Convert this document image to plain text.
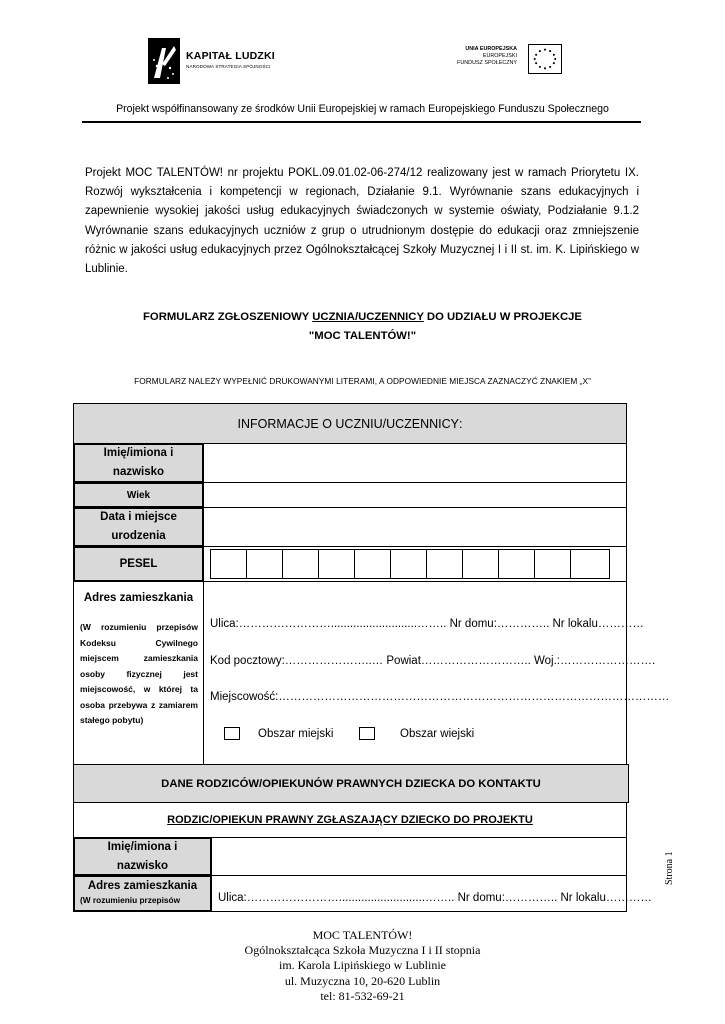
KAPITAŁ LUDZKI
NARODOWA STRATEGIA SPÓJNOŚCI
UNIA EUROPEJSKA
EUROPEJSKI
FUNDUSZ SPOŁECZNY
Projekt współfinansowany ze środków Unii Europejskiej w ramach Europejskiego Funduszu Społecznego

Projekt MOC TALENTÓW! nr projektu POKL.09.01.02-06-274/12 realizowany jest w ramach Priorytetu IX. Rozwój wykształcenia i kompetencji w regionach, Działanie 9.1. Wyrównanie szans edukacyjnych i zapewnienie wysokiej jakości usług edukacyjnych świadczonych w systemie oświaty, Podziałanie 9.1.2 Wyrównanie szans edukacyjnych uczniów z grup o utrudnionym dostępie do edukacji oraz zmniejszenie różnic w jakości usług edukacyjnych przez Ogólnokształcącej Szkoły Muzycznej I i II st. im. K. Lipińskiego w Lublinie.

FORMULARZ ZGŁOSZENIOWY UCZNIA/UCZENNICY DO UDZIAŁU W PROJEKCJE
"MOC TALENTÓW!"
FORMULARZ NALEŻY WYPEŁNIĆ DRUKOWANYMI LITERAMI, A ODPOWIEDNIE MIEJSCA ZAZNACZYĆ ZNAKIEM „X”
INFORMACJE O UCZNIU/UCZENNICY :
Imię/imiona i nazwisko
Wiek
Data i miejsce urodzenia
PESEL
Adres zamieszkania

(W rozumieniu przepisów Kodeksu Cywilnego miejscem zamieszkania osoby fizycznej jest miejscowość, w której ta osoba przebywa z zamiarem stałego pobytu)

Ulica:……………………...........................…….. Nr domu:………….. Nr lokalu…………
Kod pocztowy:…………………..… Powiat……………………….. Woj.:…………………….
Miejscowość:…………………………………………………………………………………………
Obszar miejski	Obszar wiejski
DANE RODZICÓW/OPIEKUNÓW PRAWNYCH DZIECKA DO KONTAKTU
RODZIC/OPIEKUN PRAWNY ZGŁASZAJĄCY DZIECKO DO PROJEKTU
Imię/imiona i nazwisko
Adres zamieszkania
(W rozumieniu przepisów	Ulica:……………………...........................…….. Nr domu:………….. Nr lokalu…………
Strona 1
MOC TALENTÓW!
Ogólnokształcąca Szkoła Muzyczna I i II stopnia
im. Karola Lipińskiego w Lublinie
ul. Muzyczna 10, 20-620 Lublin
tel: 81-532-69-21
